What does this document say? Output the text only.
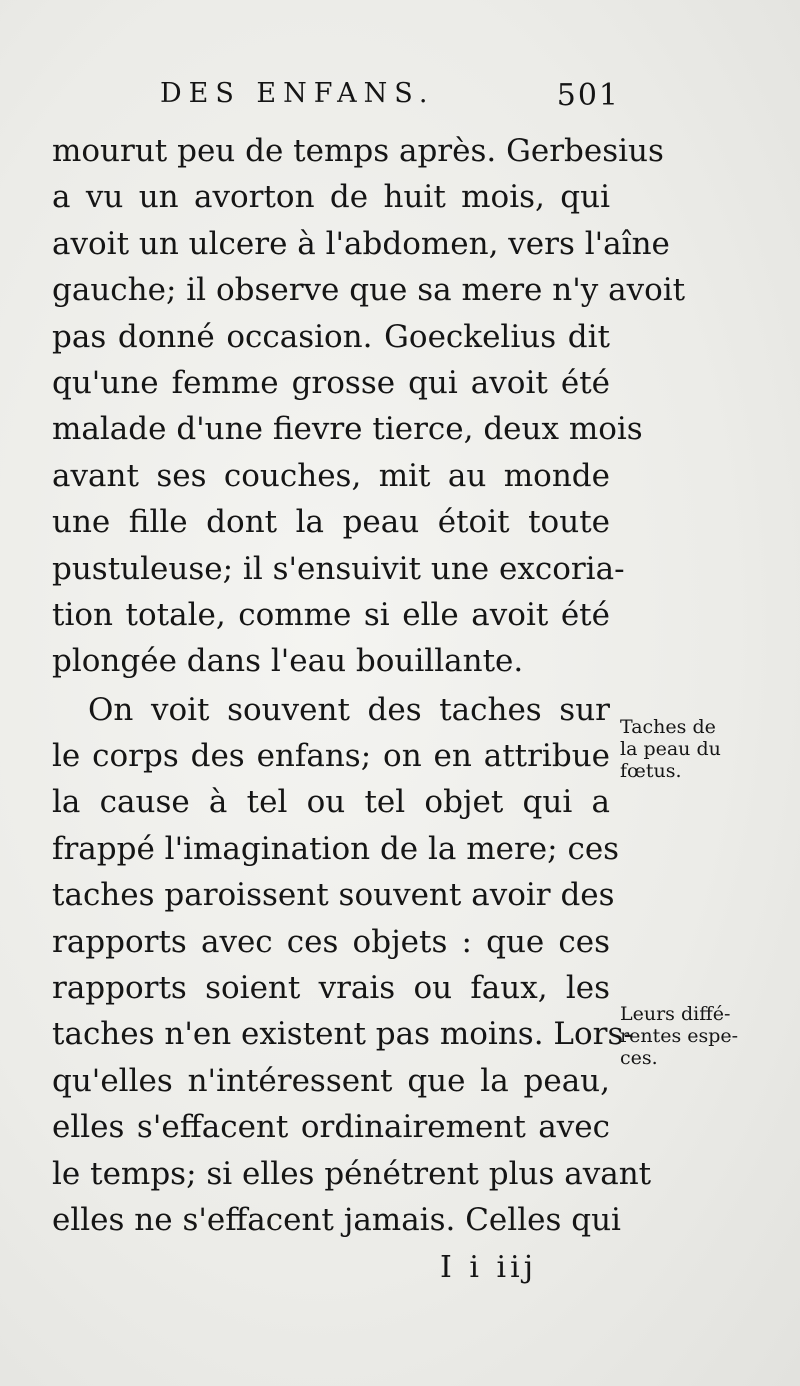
DES ENFANS.	501
mourut peu de temps après. Gerbesius
a vu un avorton de huit mois, qui
avoit un ulcere à l'abdomen, vers l'aîne
gauche; il observe que sa mere n'y avoit
pas donné occasion. Goeckelius dit
qu'une femme grosse qui avoit été
malade d'une fievre tierce, deux mois
avant ses couches, mit au monde
une fille dont la peau étoit toute
pustuleuse; il s'ensuivit une excoria-
tion totale, comme si elle avoit été
plongée dans l'eau bouillante.
On voit souvent des taches sur
le corps des enfans; on en attribue
la cause à tel ou tel objet qui a
frappé l'imagination de la mere; ces
taches paroissent souvent avoir des
rapports avec ces objets : que ces
rapports soient vrais ou faux, les
taches n'en existent pas moins. Lors-
qu'elles n'intéressent que la peau,
elles s'effacent ordinairement avec
le temps; si elles pénétrent plus avant
elles ne s'effacent jamais. Celles qui
Taches de
la peau du
fœtus.
Leurs diffé-
rentes espe-
ces.
I i iij
